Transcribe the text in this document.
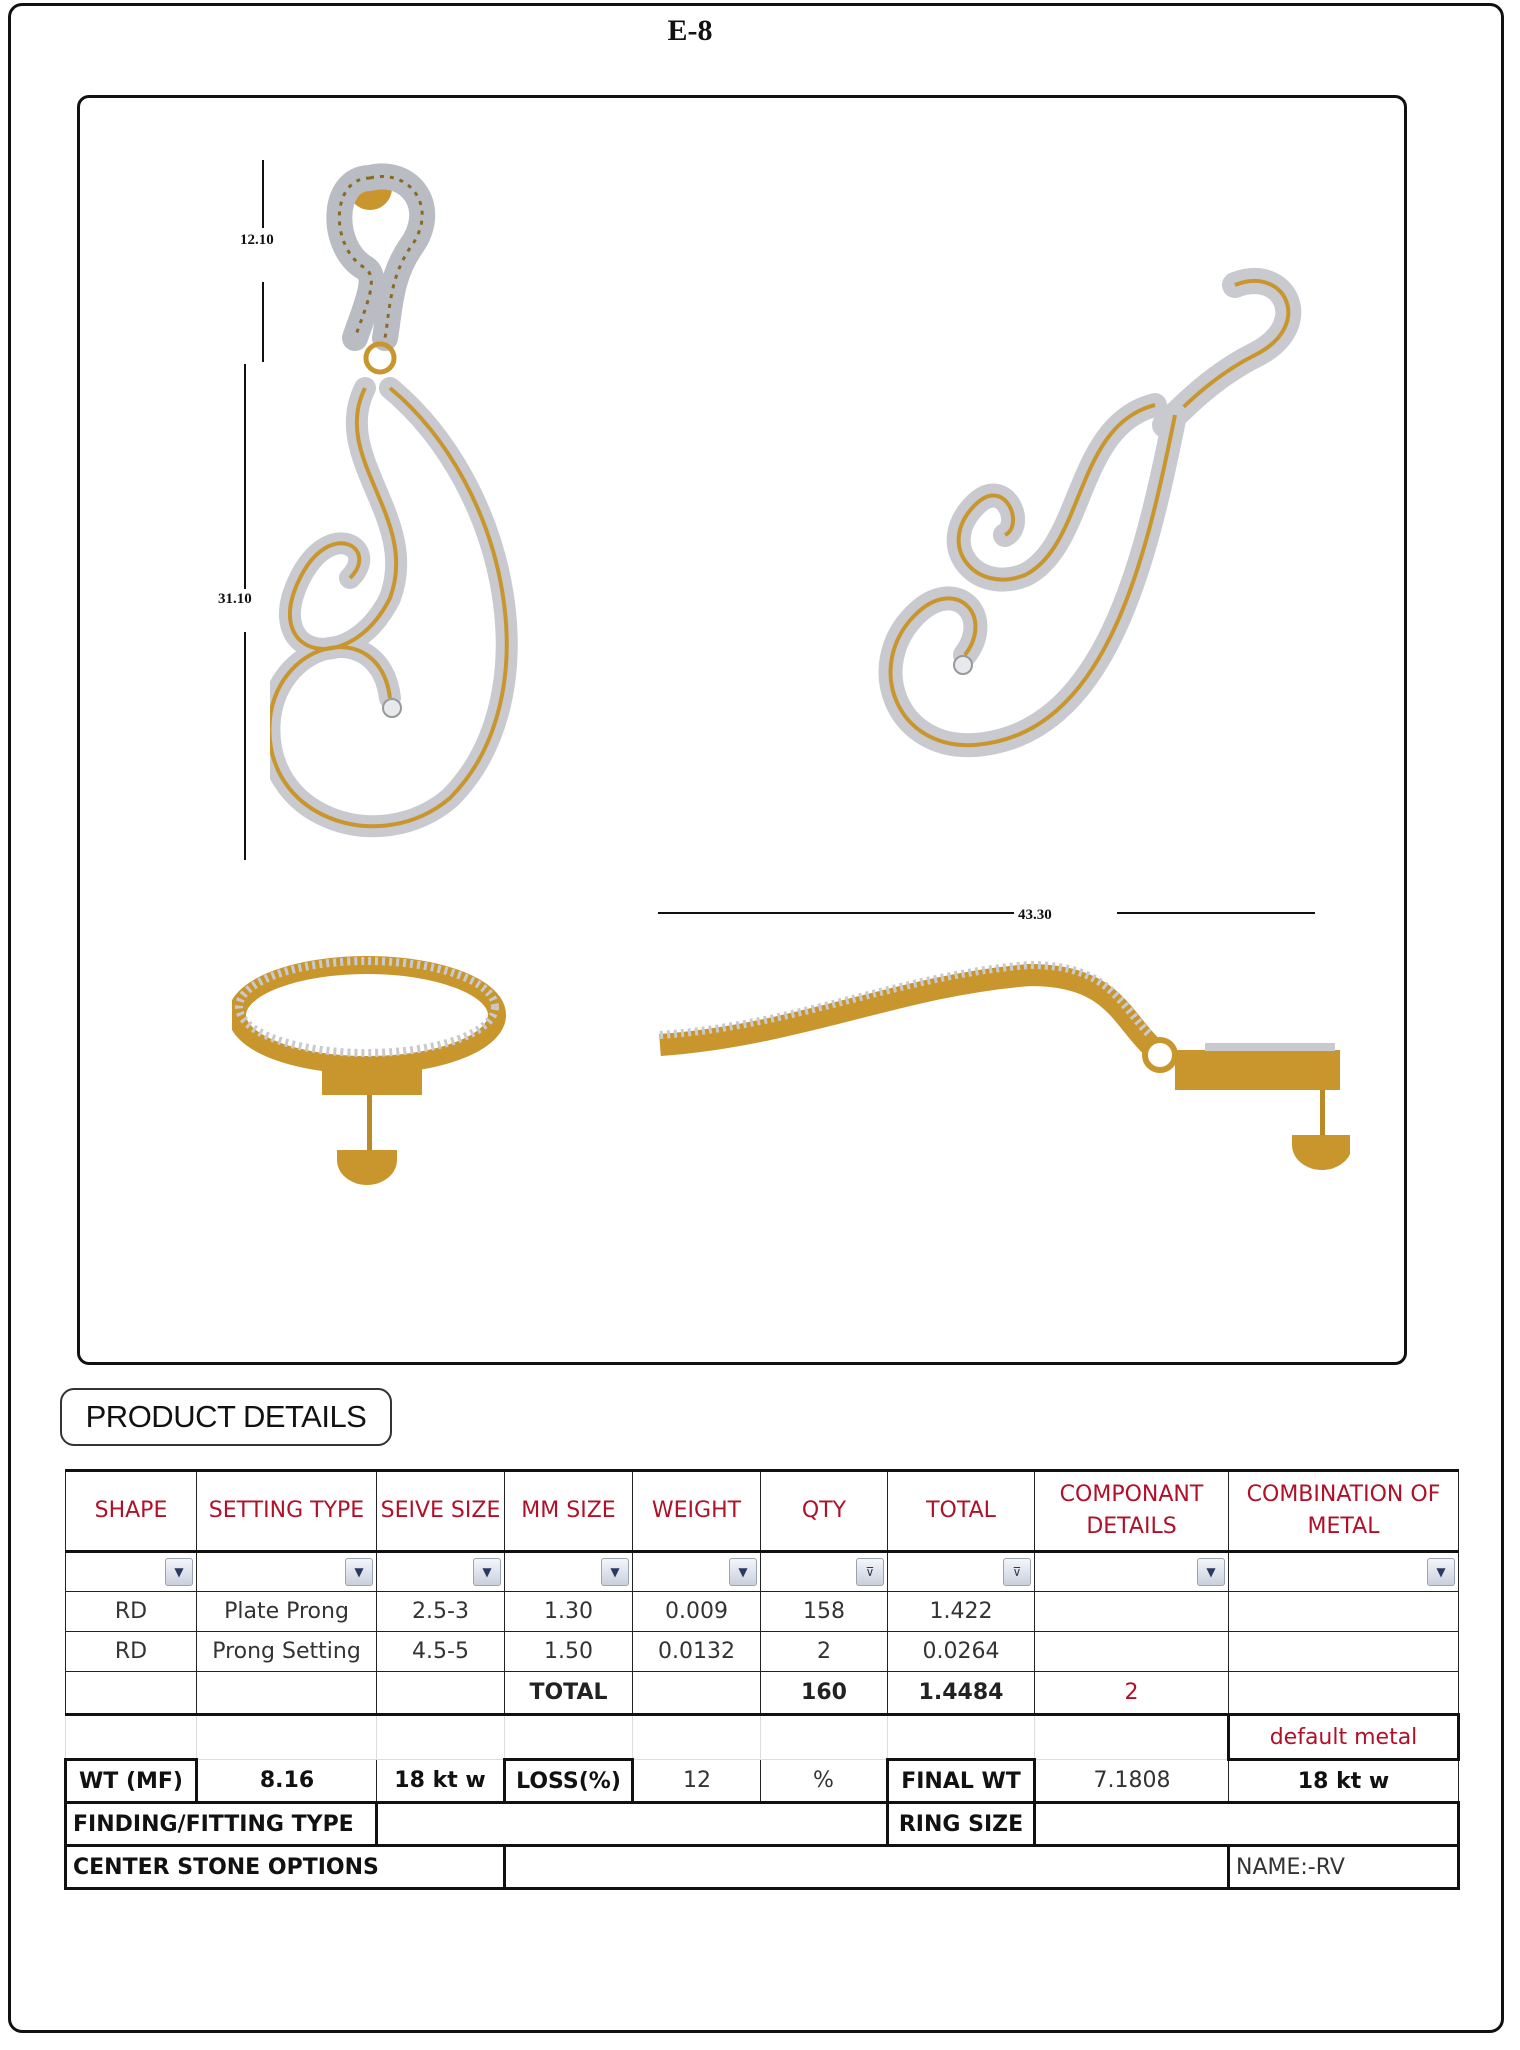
E-8
12.10
31.10
43.30
PRODUCT DETAILS
SHAPE	SETTING TYPE	SEIVE SIZE	MM SIZE	WEIGHT	QTY	TOTAL	COMPONANT DETAILS	COMBINATION OF METAL

▼	▼	▼	▼	▼	⊽	⊽	▼	▼

RD	Plate Prong	2.5-3	1.30	0.009	158	1.422		
RD	Prong Setting	4.5-5	1.50	0.0132	2	0.0264		
			TOTAL		160	1.4484	2	
								default metal
WT (MF)	8.16	18 kt w	LOSS(%)	12	%	FINAL WT	7.1808	18 kt w
FINDING/FITTING TYPE						RING SIZE		
CENTER STONE OPTIONS								NAME:-RV
